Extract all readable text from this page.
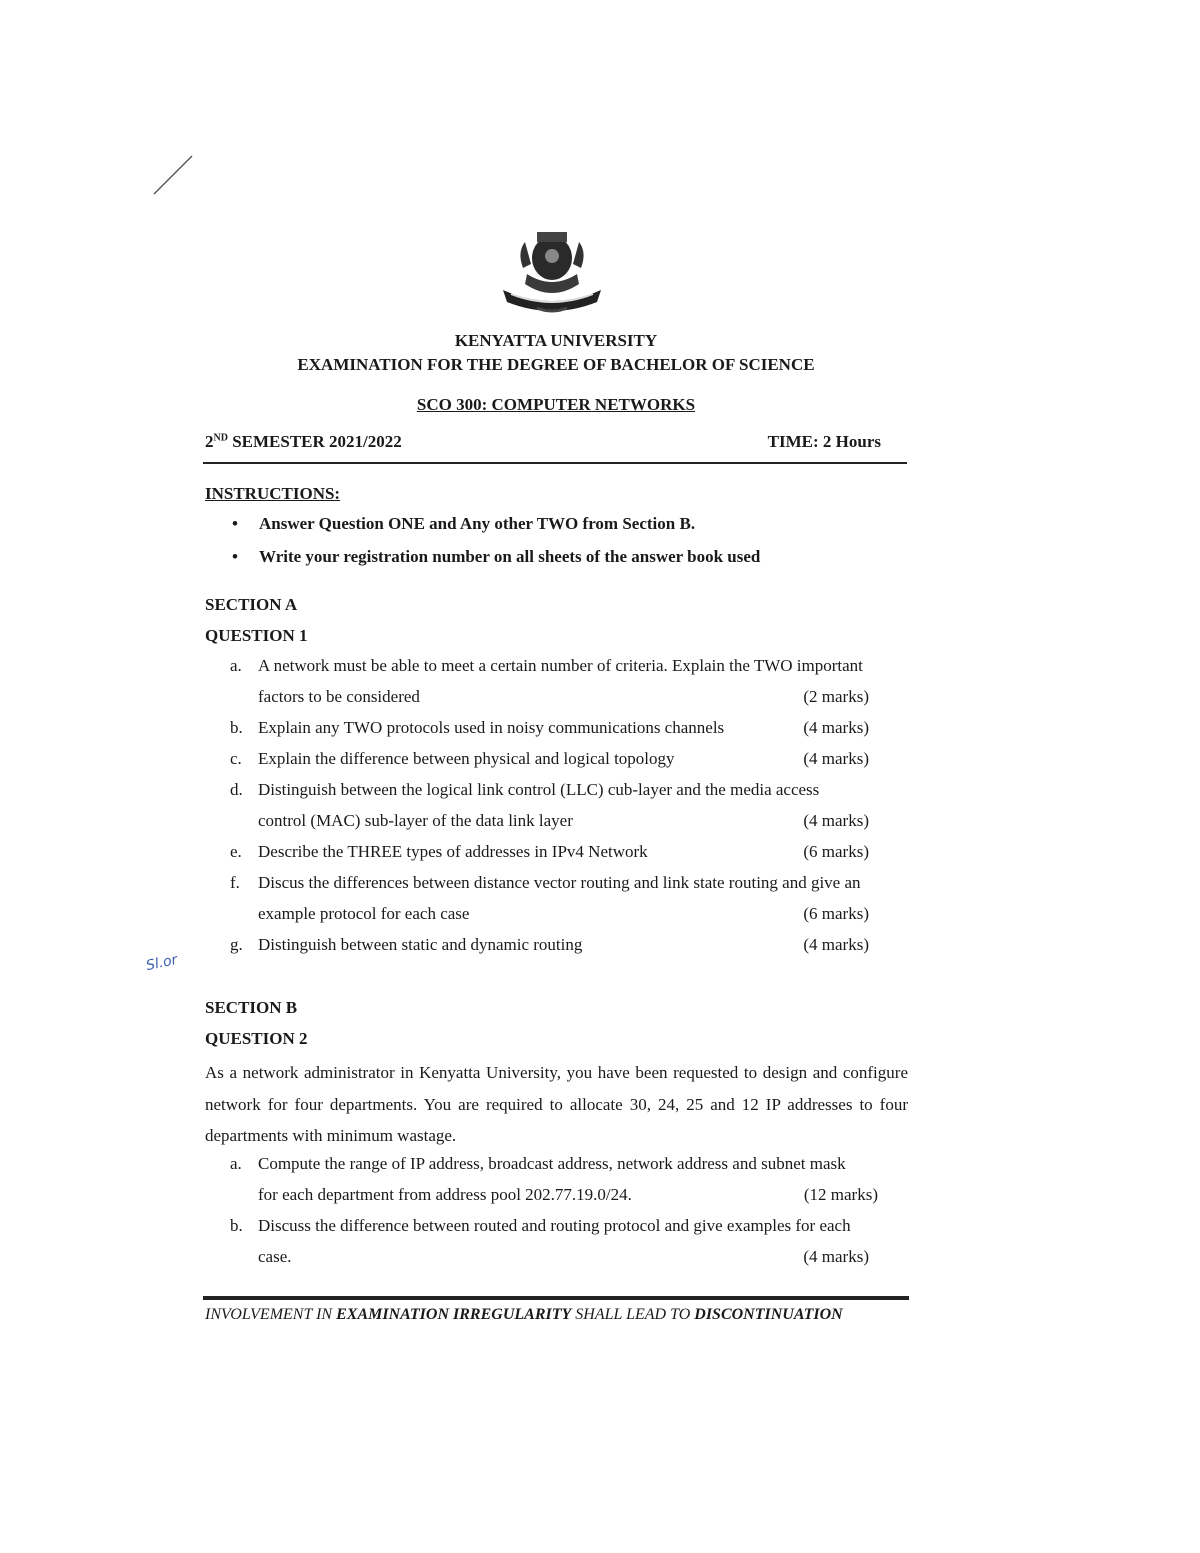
Sl.or
KENYATTA UNIVERSITY
EXAMINATION FOR THE DEGREE OF BACHELOR OF SCIENCE
SCO 300: COMPUTER NETWORKS
2ND SEMESTER 2021/2022	TIME: 2 Hours
INSTRUCTIONS:
• Answer Question ONE and Any other TWO from Section B.
• Write your registration number on all sheets of the answer book used
SECTION A
QUESTION 1
a. A network must be able to meet a certain number of criteria. Explain the TWO important
factors to be considered	(2 marks)
b. Explain any TWO protocols used in noisy communications channels	(4 marks)
c. Explain the difference between physical and logical topology	(4 marks)
d. Distinguish between the logical link control (LLC) cub-layer and the media access
control (MAC) sub-layer of the data link layer	(4 marks)
e. Describe the THREE types of addresses in IPv4 Network	(6 marks)
f. Discus the differences between distance vector routing and link state routing and give an
example protocol for each case	(6 marks)
g. Distinguish between static and dynamic routing	(4 marks)
SECTION B
QUESTION 2
As a network administrator in Kenyatta University, you have been requested to design and configure network for four departments. You are required to allocate 30, 24, 25 and 12 IP addresses to four departments with minimum wastage.
a. Compute the range of IP address, broadcast address, network address and subnet mask
for each department from address pool 202.77.19.0/24.	(12 marks)
b. Discuss the difference between routed and routing protocol and give examples for each
case.	(4 marks)
INVOLVEMENT IN EXAMINATION IRREGULARITY SHALL LEAD TO DISCONTINUATION
